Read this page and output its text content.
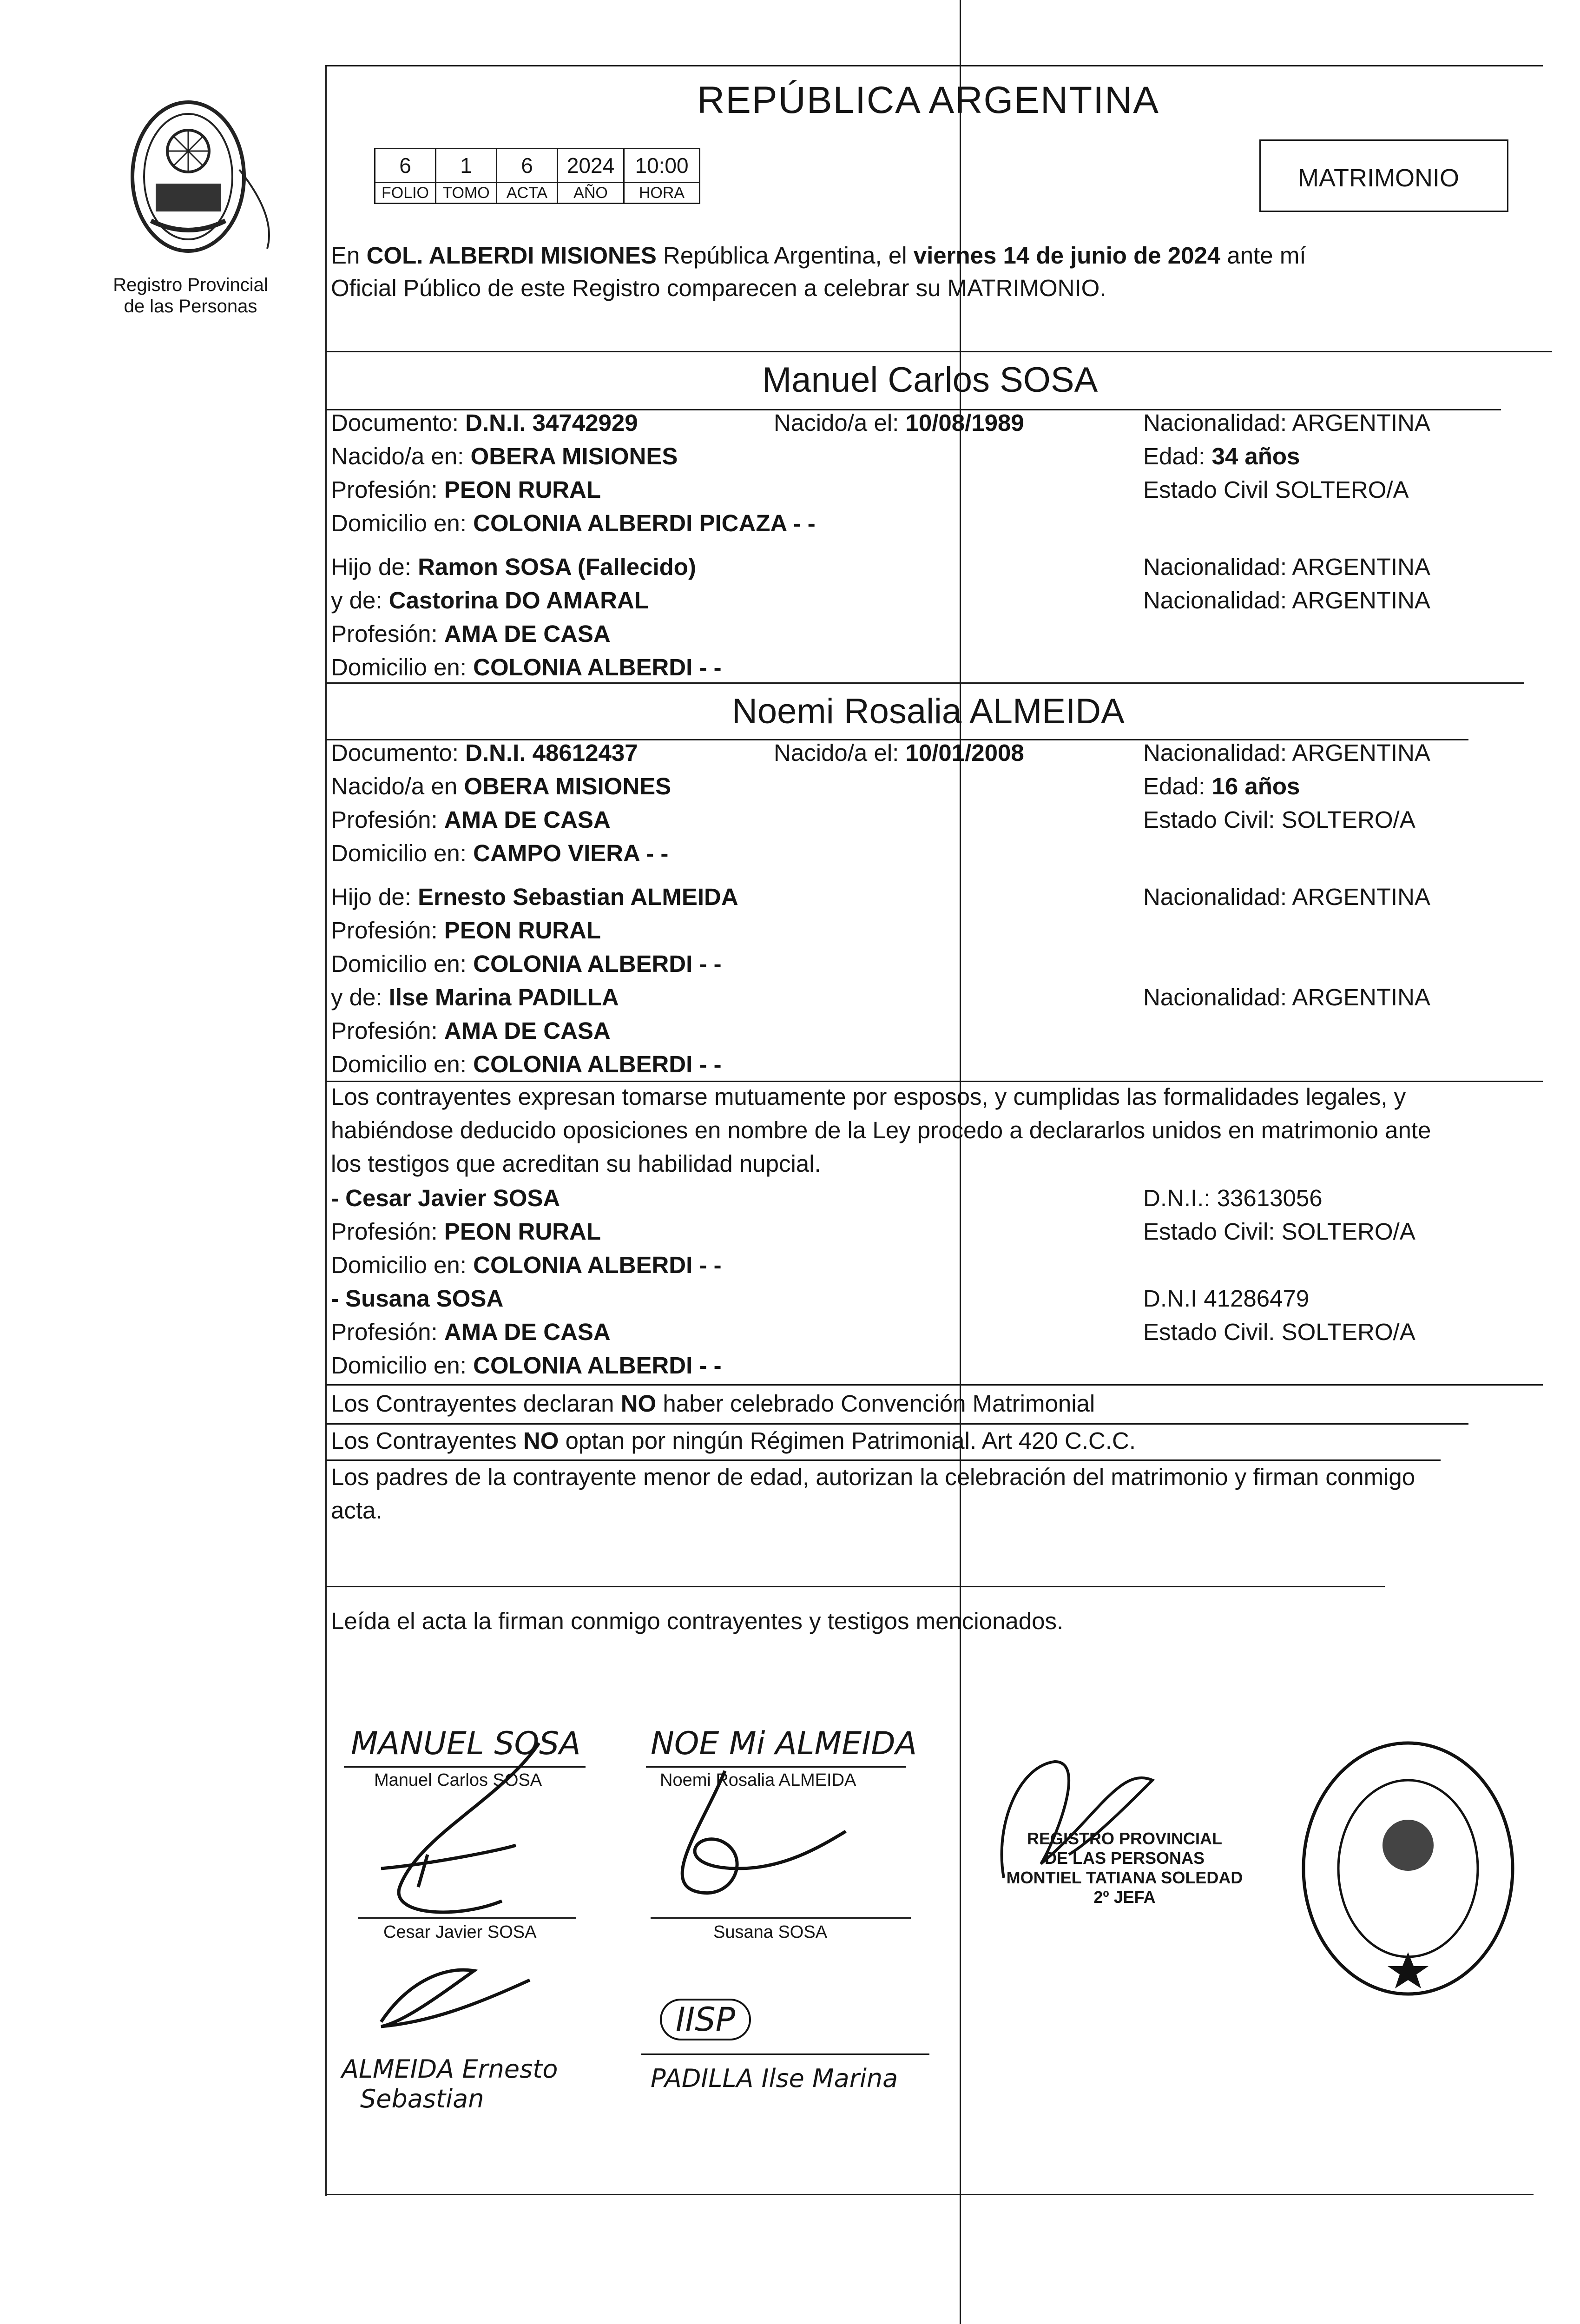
Registro Provincial
de las Personas
REPÚBLICA ARGENTINA
6	1	6	2024	10:00
FOLIO	TOMO	ACTA	AÑO	HORA
MATRIMONIO
En COL. ALBERDI MISIONES República Argentina, el viernes 14 de junio de 2024 ante mí
Oficial Público de este Registro comparecen a celebrar su MATRIMONIO.
Manuel Carlos SOSA
Documento: D.N.I. 34742929	Nacido/a el: 10/08/1989	Nacionalidad: ARGENTINA
Nacido/a en: OBERA MISIONES	Edad: 34 años
Profesión: PEON RURAL	Estado Civil SOLTERO/A
Domicilio en: COLONIA ALBERDI PICAZA - -
Hijo de: Ramon SOSA (Fallecido)	Nacionalidad: ARGENTINA
y de: Castorina DO AMARAL	Nacionalidad: ARGENTINA
Profesión: AMA DE CASA
Domicilio en: COLONIA ALBERDI - -
Noemi Rosalia ALMEIDA
Documento: D.N.I. 48612437	Nacido/a el: 10/01/2008	Nacionalidad: ARGENTINA
Nacido/a en OBERA MISIONES	Edad: 16 años
Profesión: AMA DE CASA	Estado Civil: SOLTERO/A
Domicilio en: CAMPO VIERA - -
Hijo de: Ernesto Sebastian ALMEIDA	Nacionalidad: ARGENTINA
Profesión: PEON RURAL
Domicilio en: COLONIA ALBERDI - -
y de: Ilse Marina PADILLA	Nacionalidad: ARGENTINA
Profesión: AMA DE CASA
Domicilio en: COLONIA ALBERDI - -
Los contrayentes expresan tomarse mutuamente por esposos, y cumplidas las formalidades legales, y
habiéndose deducido oposiciones en nombre de la Ley procedo a declararlos unidos en matrimonio ante
los testigos que acreditan su habilidad nupcial.
- Cesar Javier SOSA	D.N.I.: 33613056
Profesión: PEON RURAL	Estado Civil: SOLTERO/A
Domicilio en: COLONIA ALBERDI - -
- Susana SOSA	D.N.I 41286479
Profesión: AMA DE CASA	Estado Civil. SOLTERO/A
Domicilio en: COLONIA ALBERDI - -
Los Contrayentes declaran NO haber celebrado Convención Matrimonial
Los Contrayentes NO optan por ningún Régimen Patrimonial. Art 420 C.C.C.
Los padres de la contrayente menor de edad, autorizan la celebración del matrimonio y firman conmigo
acta.
Leída el acta la firman conmigo contrayentes y testigos mencionados.
MANUEL SOSA
Manuel Carlos SOSA
NOE Mi ALMEIDA
Noemi Rosalia ALMEIDA
Cesar Javier SOSA	Susana SOSA
ALMEIDA Ernesto
Sebastian
IISP
PADILLA Ilse Marina
REGISTRO PROVINCIAL
DE LAS PERSONAS
MONTIEL TATIANA SOLEDAD
2º JEFA
